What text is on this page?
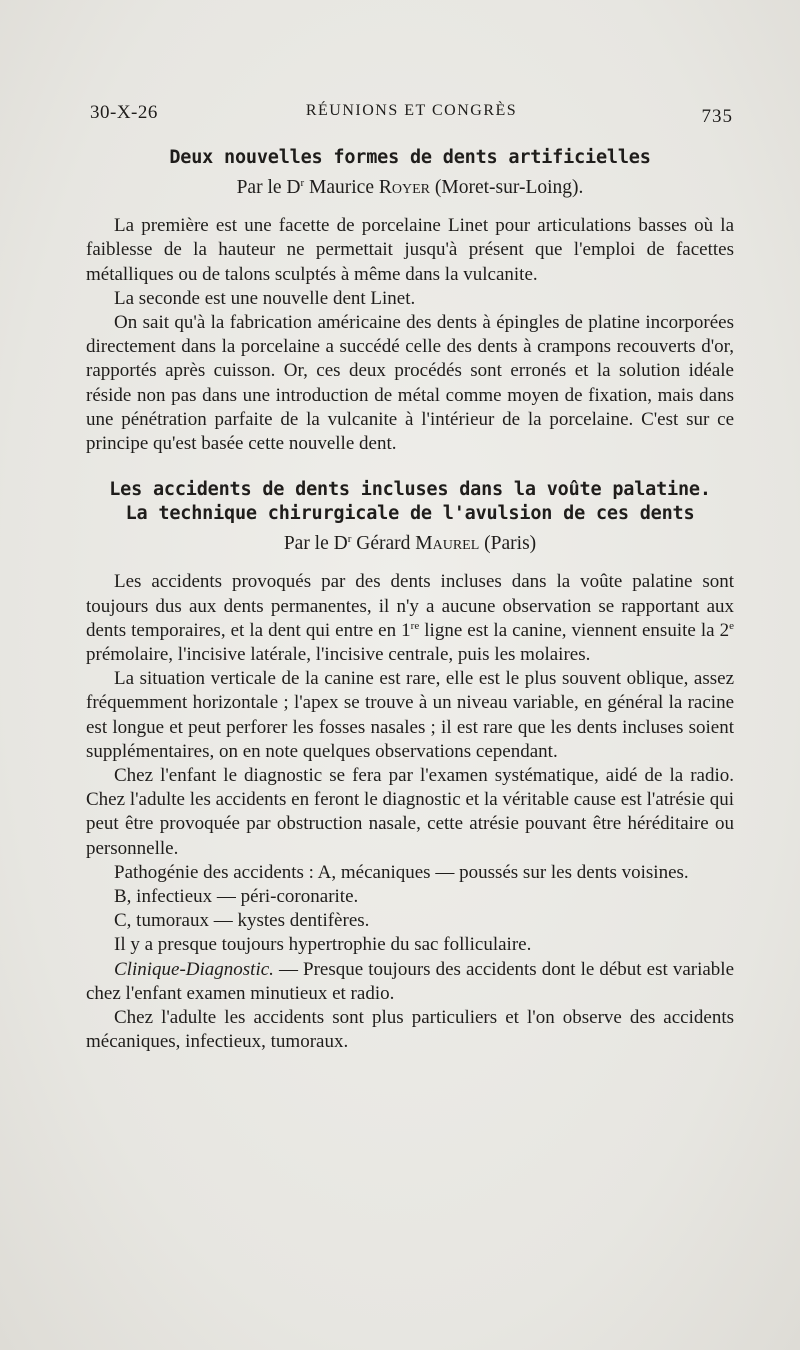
30-X-26	RÉUNIONS ET CONGRÈS	735
Deux nouvelles formes de dents artificielles
Par le $D^r$ Maurice Royer (Moret-sur-Loing).

La première est une facette de porcelaine Linet pour articulations basses où la faiblesse de la hauteur ne permettait jusqu'à présent que l'emploi de facettes métalliques ou de talons sculptés à même dans la vulcanite.

La seconde est une nouvelle dent Linet.

On sait qu'à la fabrication américaine des dents à épingles de platine incorporées directement dans la porcelaine a succédé celle des dents à crampons recouverts d'or, rapportés après cuisson. Or, ces deux procédés sont erronés et la solution idéale réside non pas dans une introduction de métal comme moyen de fixation, mais dans une pénétration parfaite de la vulcanite à l'intérieur de la porcelaine. C'est sur ce principe qu'est basée cette nouvelle dent.

Les accidents de dents incluses dans la voûte palatine.
La technique chirurgicale de l'avulsion de ces dents
Par le $D^r$ Gérard Maurel (Paris)

Les accidents provoqués par des dents incluses dans la voûte palatine sont toujours dus aux dents permanentes, il n'y a aucune observation se rapportant aux dents temporaires, et la dent qui entre en 1re ligne est la canine, viennent ensuite la 2e prémolaire, l'incisive latérale, l'incisive centrale, puis les molaires.

La situation verticale de la canine est rare, elle est le plus souvent oblique, assez fréquemment horizontale ; l'apex se trouve à un niveau variable, en général la racine est longue et peut perforer les fosses nasales ; il est rare que les dents incluses soient supplémentaires, on en note quelques observations cependant.

Chez l'enfant le diagnostic se fera par l'examen systématique, aidé de la radio. Chez l'adulte les accidents en feront le diagnostic et la véritable cause est l'atrésie qui peut être provoquée par obstruction nasale, cette atrésie pouvant être héréditaire ou personnelle.

Pathogénie des accidents : A, mécaniques — poussés sur les dents voisines.

B, infectieux — péri-coronarite.

C, tumoraux — kystes dentifères.

Il y a presque toujours hypertrophie du sac folliculaire.

Clinique-Diagnostic. — Presque toujours des accidents dont le début est variable chez l'enfant examen minutieux et radio.

Chez l'adulte les accidents sont plus particuliers et l'on observe des accidents mécaniques, infectieux, tumoraux.
